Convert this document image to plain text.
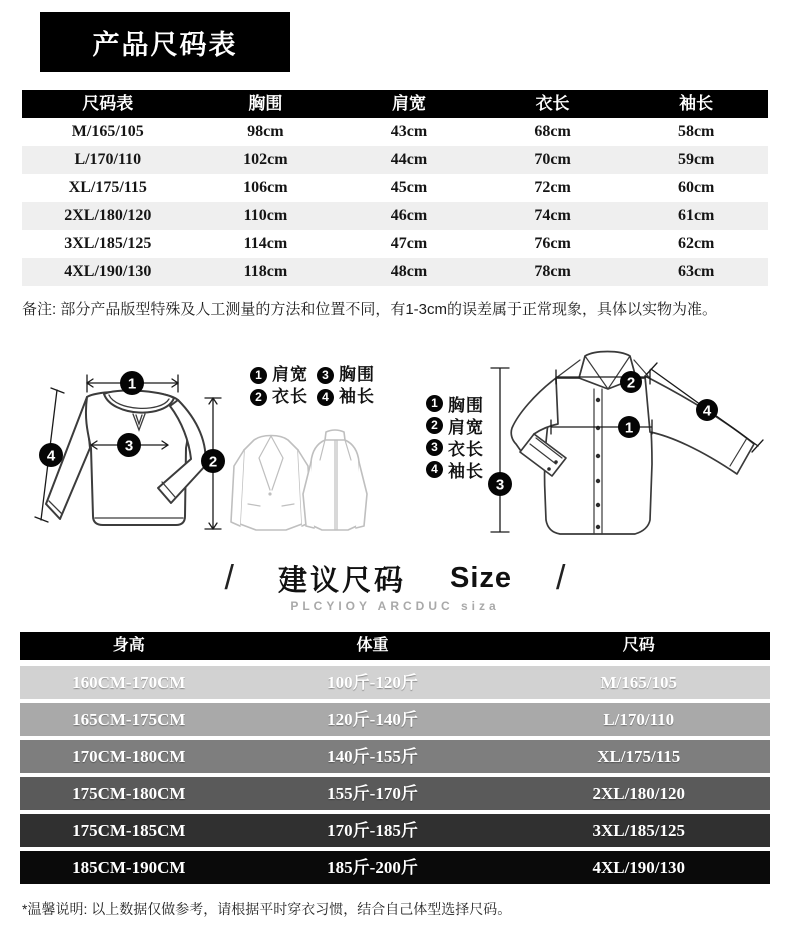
产品尺码表
尺码表	胸围	肩宽	衣长	袖长
M/165/105	98cm	43cm	68cm	58cm
L/170/110	102cm	44cm	70cm	59cm
XL/175/115	106cm	45cm	72cm	60cm
2XL/180/120	110cm	46cm	74cm	61cm
3XL/185/125	114cm	47cm	76cm	62cm
4XL/190/130	118cm	48cm	78cm	63cm
备注: 部分产品版型特殊及人工测量的方法和位置不同，有1-3cm的误差属于正常现象，具体以实物为准。
1
3
2
4
2
1
4
3
1 肩宽	3 胸围
2 衣长	4 袖长	1 胸围
2 肩宽
3 衣长
4 袖长
/ 建议尺码 Size /
PLCYIOY ARCDUC siza
身高	体重	尺码
160CM-170CM	100斤-120斤	M/165/105
165CM-175CM	120斤-140斤	L/170/110
170CM-180CM	140斤-155斤	XL/175/115
175CM-180CM	155斤-170斤	2XL/180/120
175CM-185CM	170斤-185斤	3XL/185/125
185CM-190CM	185斤-200斤	4XL/190/130
*温馨说明: 以上数据仅做参考，请根据平时穿衣习惯，结合自己体型选择尺码。
